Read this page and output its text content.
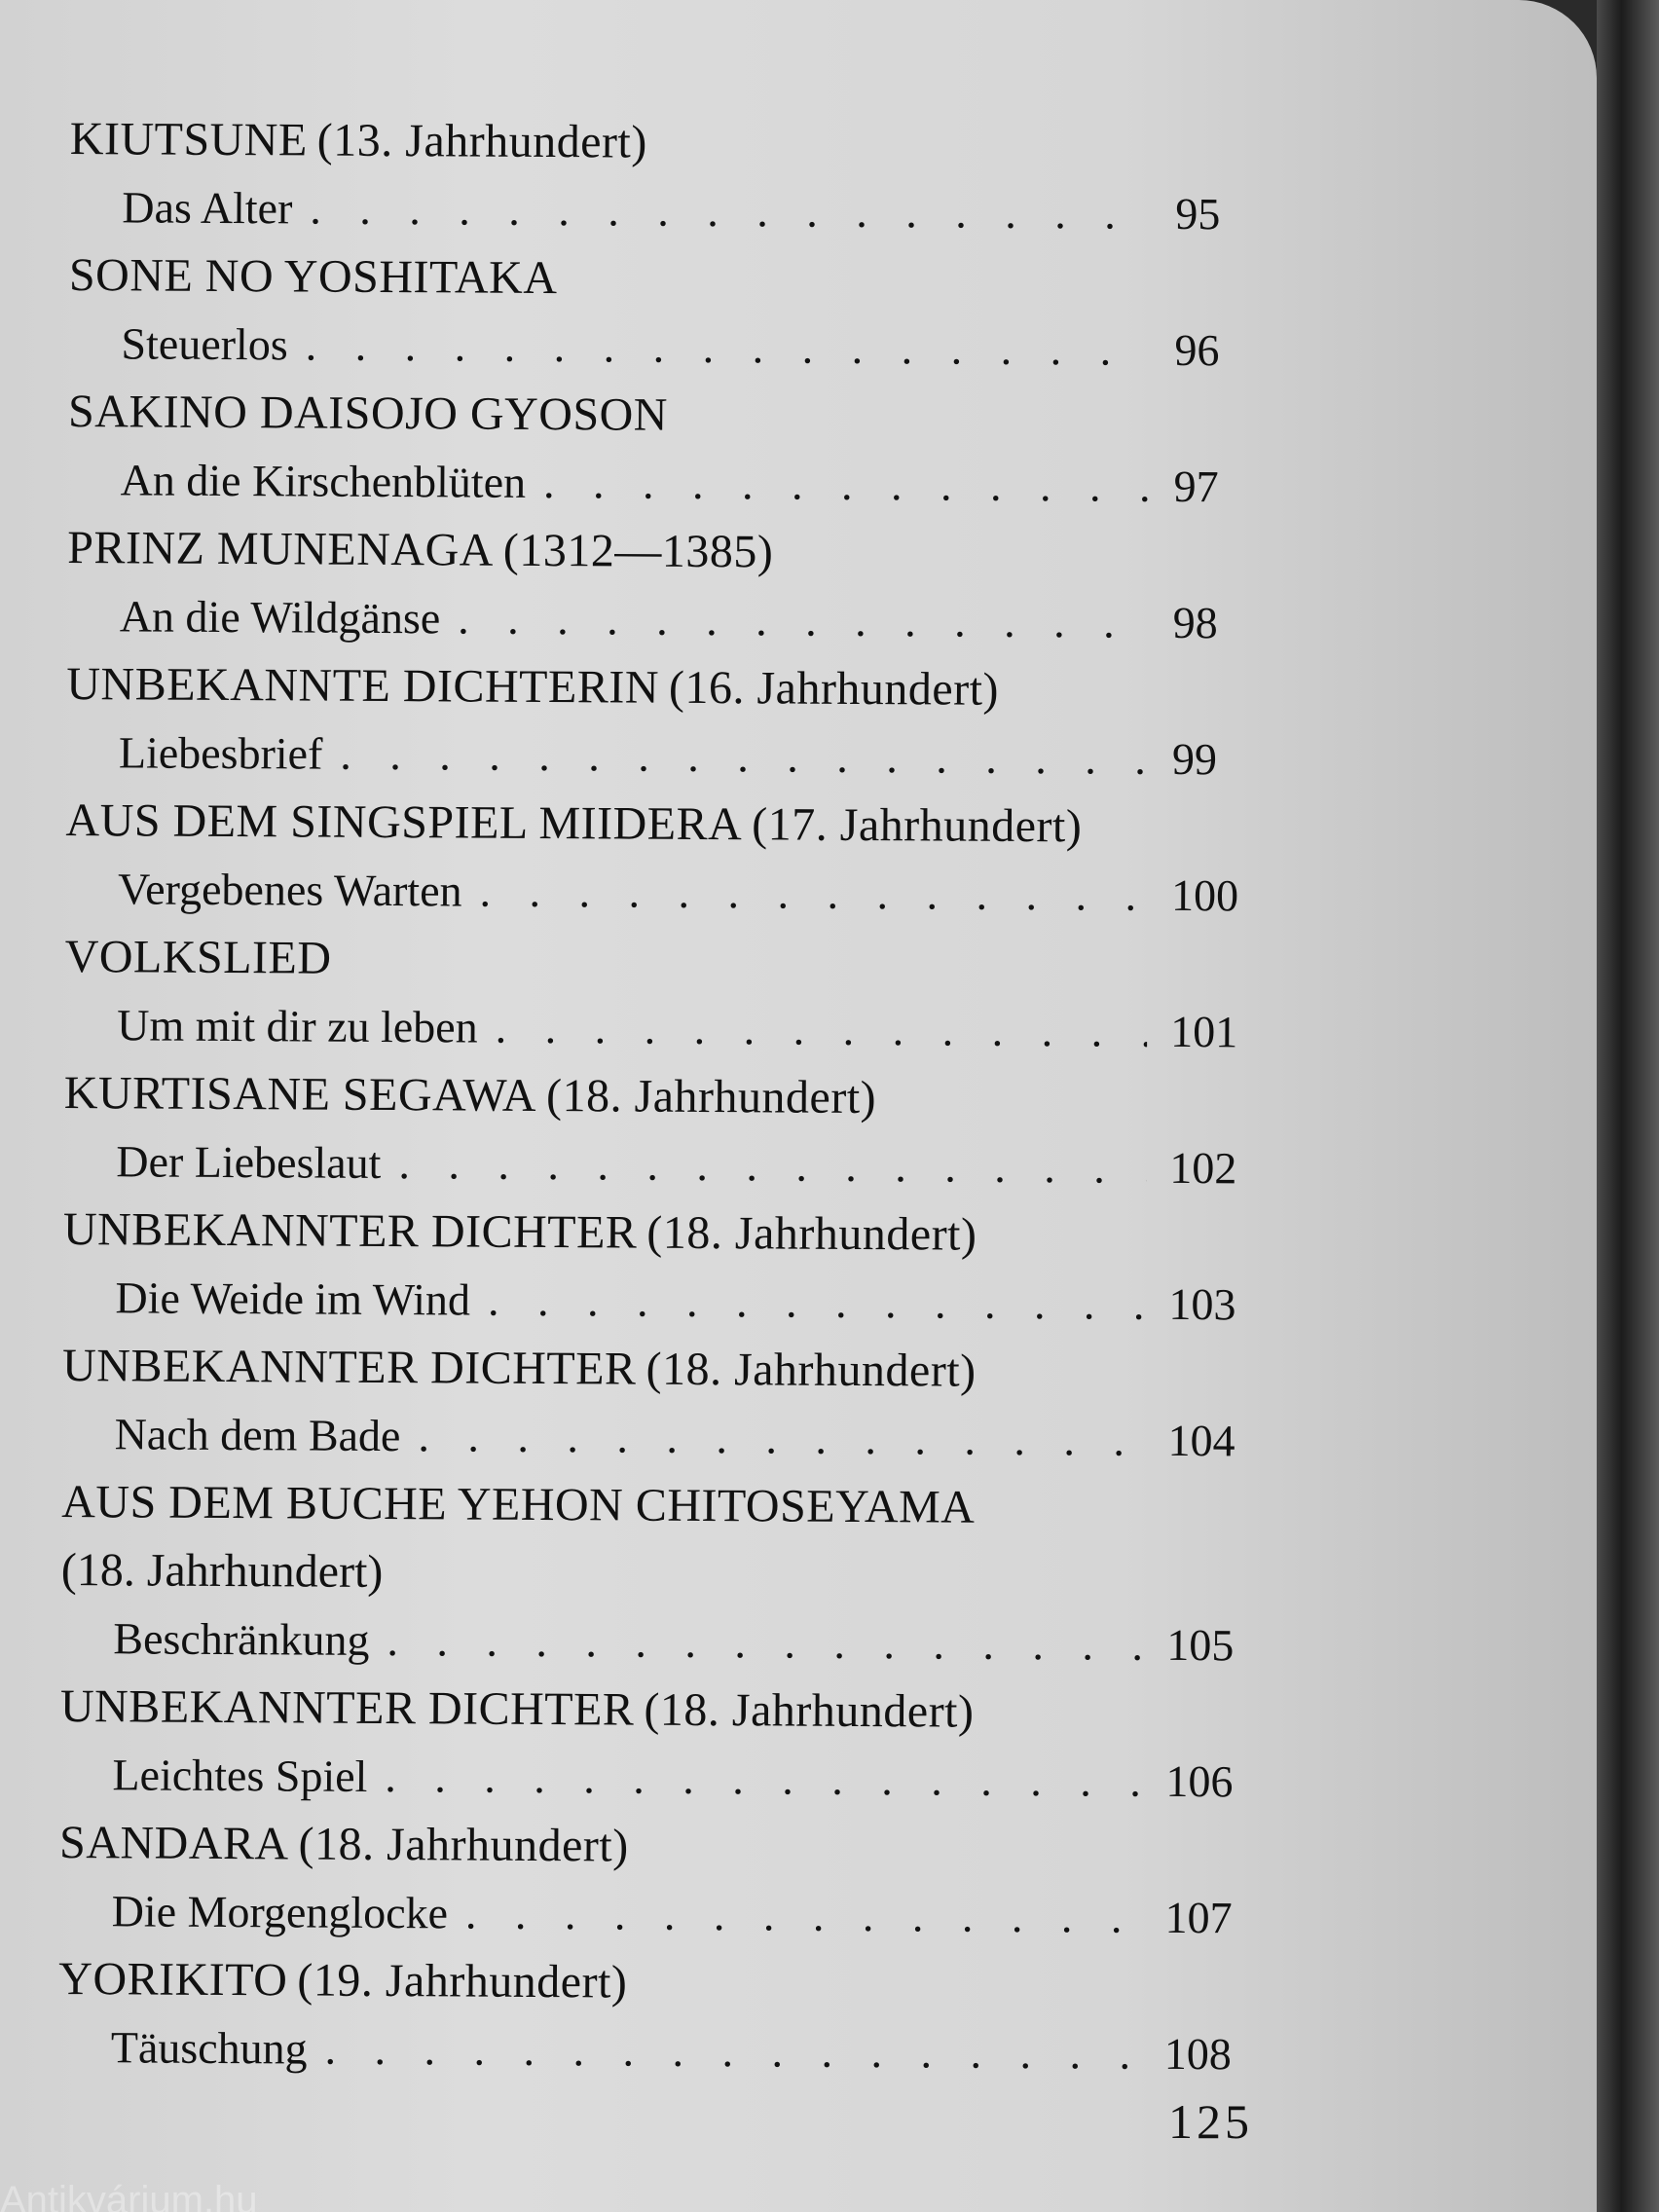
KIUTSUNE (13. Jahrhundert)
Das Alter . . .	95
SONE NO YOSHITAKA
Steuerlos . . .	96
SAKINO DAISOJO GYOSON
An die Kirschenblüten . . .	97
PRINZ MUNENAGA (1312—1385)
An die Wildgänse . . .	98
UNBEKANNTE DICHTERIN (16. Jahrhundert)
Liebesbrief . . .	99
AUS DEM SINGSPIEL MIIDERA (17. Jahrhundert)
Vergebenes Warten . . .	100
VOLKSLIED
Um mit dir zu leben . . .	101
KURTISANE SEGAWA (18. Jahrhundert)
Der Liebeslaut . . .	102
UNBEKANNTER DICHTER (18. Jahrhundert)
Die Weide im Wind . . .	103
UNBEKANNTER DICHTER (18. Jahrhundert)
Nach dem Bade . . .	104
AUS DEM BUCHE YEHON CHITOSEYAMA
(18. Jahrhundert)
Beschränkung . . .	105
UNBEKANNTER DICHTER (18. Jahrhundert)
Leichtes Spiel . . .	106
SANDARA (18. Jahrhundert)
Die Morgenglocke . . .	107
YORIKITO (19. Jahrhundert)
Täuschung . . .	108
125
Antikvárium.hu
